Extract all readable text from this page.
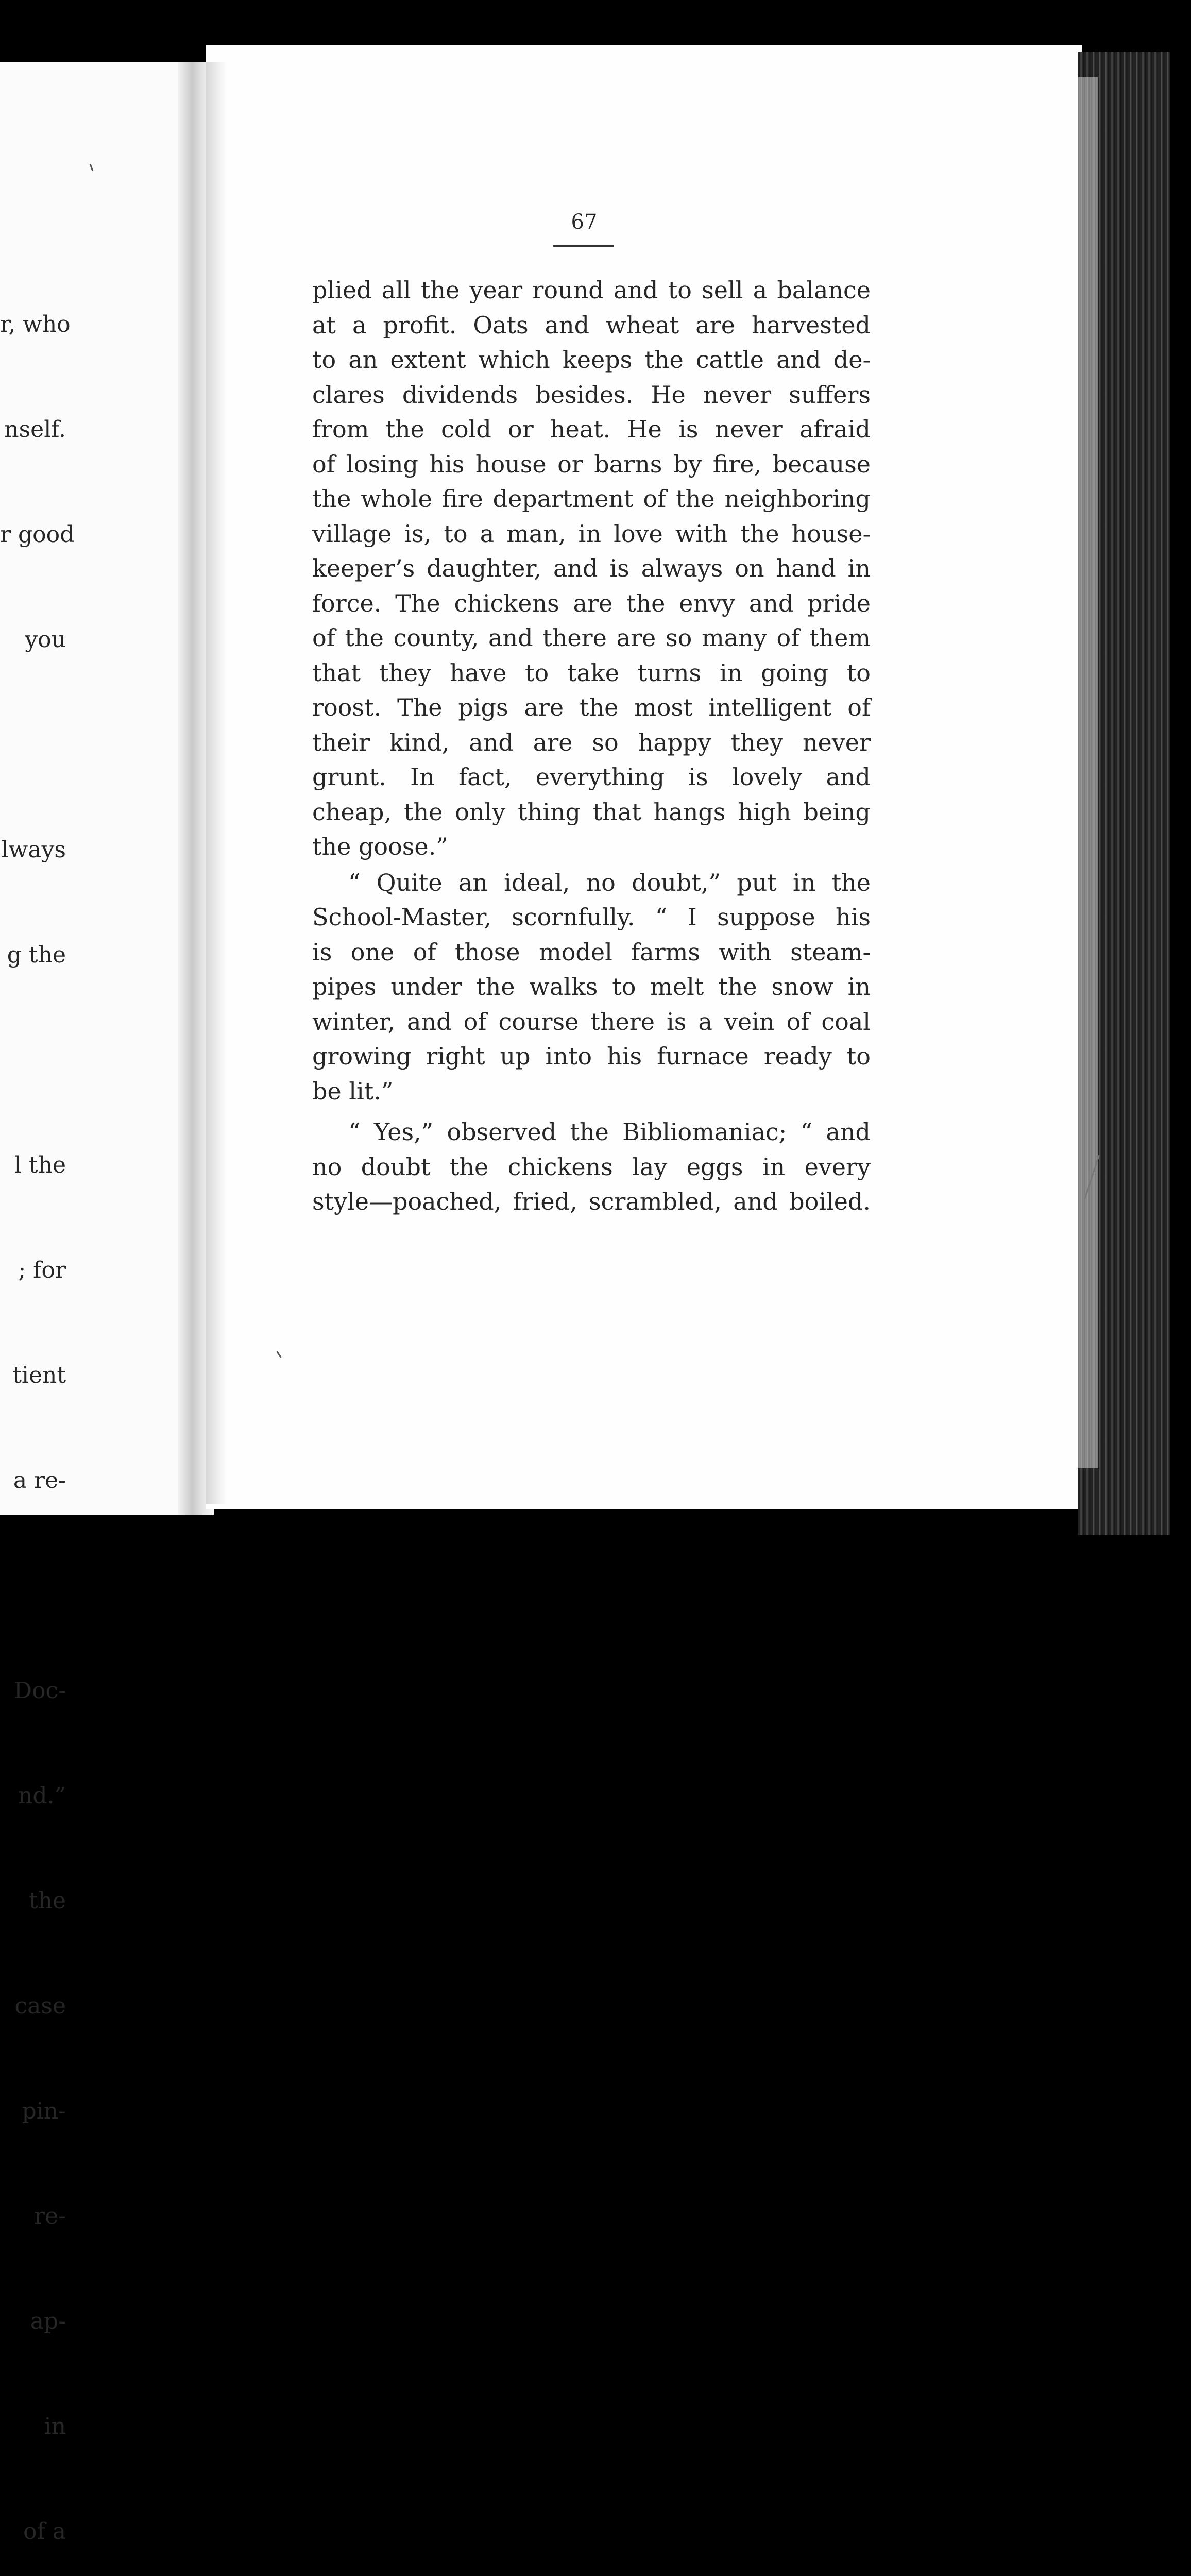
r, who

nself.

r good

you

lways

g the

l the

; for

tient

a re-

Doc-

nd.”

the

case

pin-

re-

ap-

in

of a

67
plied all the year round and to sell a balance
at a profit. Oats and wheat are harvested
to an extent which keeps the cattle and de-
clares dividends besides. He never suffers
from the cold or heat. He is never afraid
of losing his house or barns by fire, because
the whole fire department of the neighboring
village is, to a man, in love with the house-
keeper’s daughter, and is always on hand in
force. The chickens are the envy and pride
of the county, and there are so many of them
that they have to take turns in going to
roost. The pigs are the most intelligent of
their kind, and are so happy they never
grunt. In fact, everything is lovely and
cheap, the only thing that hangs high being
the goose.”
“ Quite an ideal, no doubt,” put in the
School-Master, scornfully. “ I suppose his
is one of those model farms with steam-
pipes under the walks to melt the snow in
winter, and of course there is a vein of coal
growing right up into his furnace ready to
be lit.”
“ Yes,” observed the Bibliomaniac; “ and
no doubt the chickens lay eggs in every
style—poached, fried, scrambled, and boiled.
